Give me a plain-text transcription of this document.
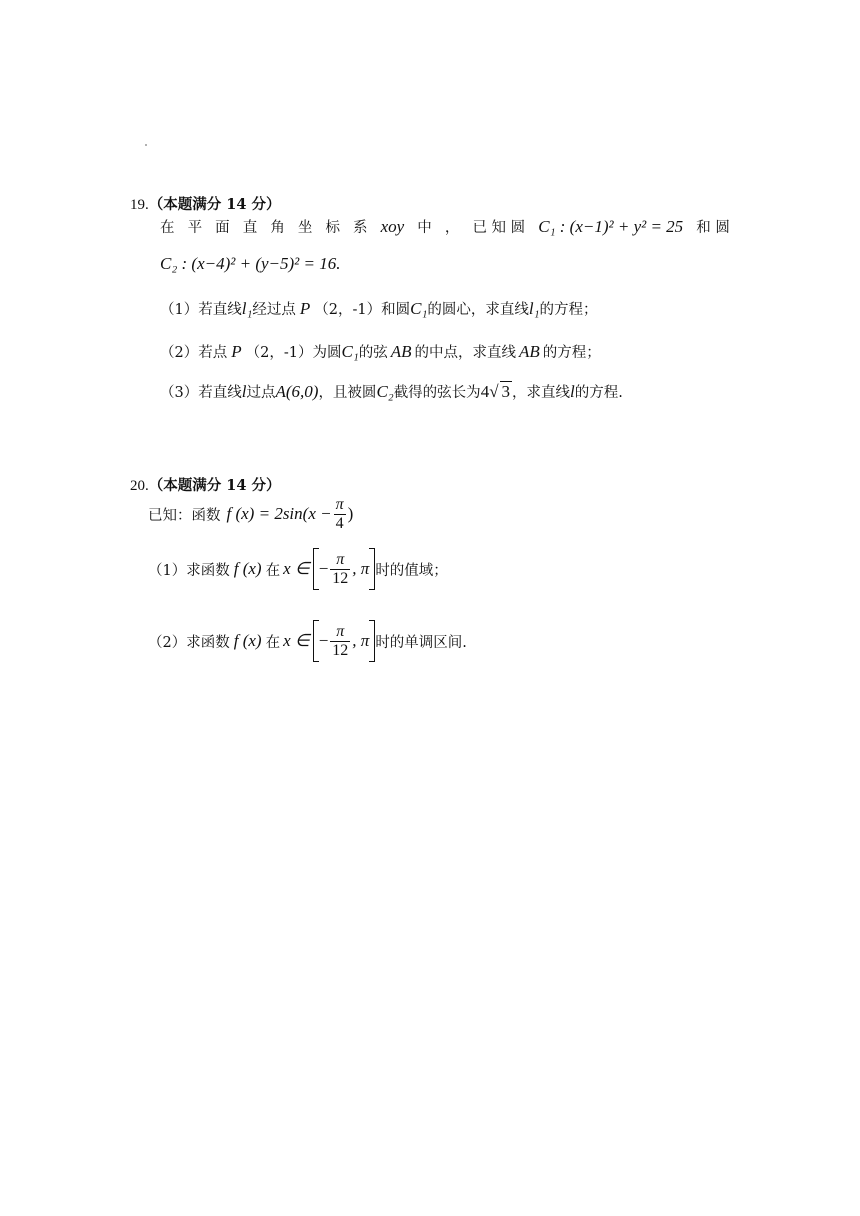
19.（本题满分 14 分）
在 平 面 直 角 坐 标 系 xoy 中 ， 已 知 圆 C₁ : (x−1)² + y² = 25 和 圆
C₂ : (x−4)² + (y−5)² = 16.
（1）若直线l₁经过点 P （2，-1）和圆C₁的圆心，求直线l₁的方程；
（2）若点 P （2，-1）为圆C₁的弦 AB 的中点，求直线 AB 的方程；
（3）若直线l过点A(6,0)，且被圆C₂截得的弦长为4√ 3 ，求直线l的方程.
20.（本题满分 14 分）
已知：函数 f $(x) = 2\sin(x - \frac{\pi}{4}$ )
（1）求函数 f (x) 在 x ∈ − $\frac{\pi}{12}$ , π 时的值域；
（2）求函数 f (x) 在 x ∈ − $\frac{\pi}{12}$ , π 时的单调区间.
